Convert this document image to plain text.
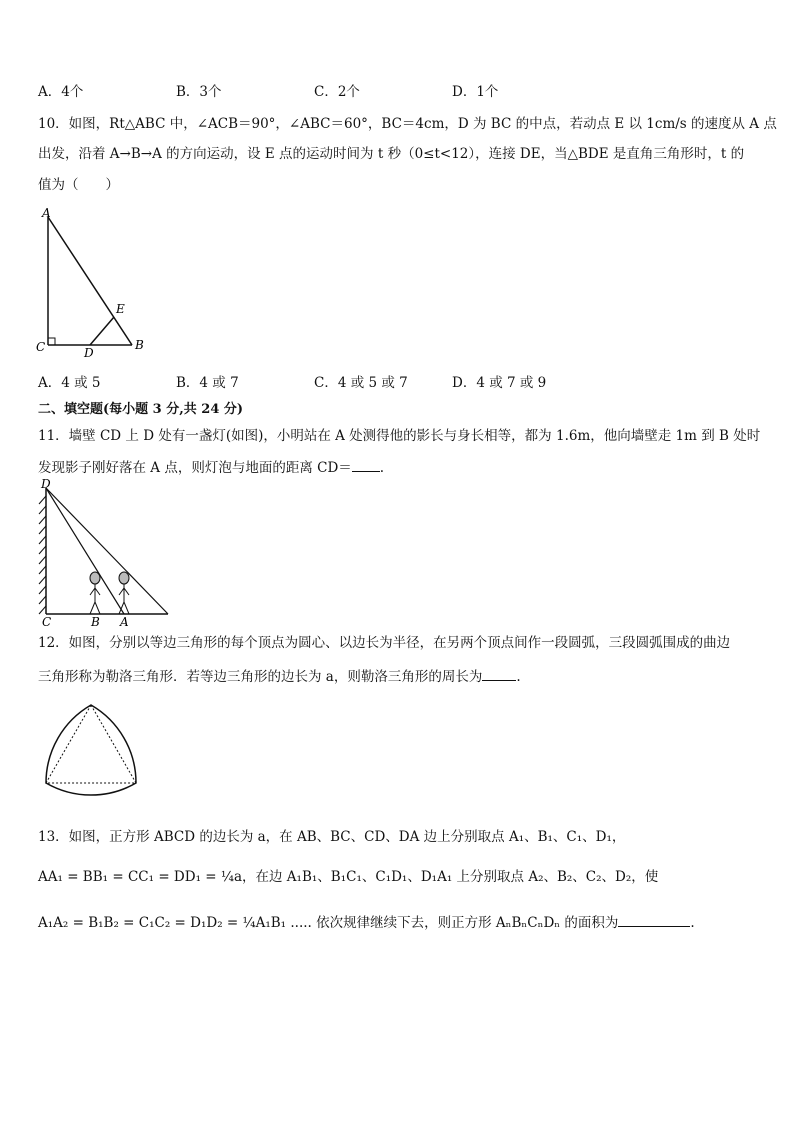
A．4个	B．3个	C．2个	D．1个
10．如图，Rt△ABC 中，∠ACB＝90°，∠ABC＝60°，BC＝4cm，D 为 BC 的中点，若动点 E 以 1cm/s 的速度从 A 点
出发，沿着 A→B→A 的方向运动，设 E 点的运动时间为 t 秒（0≤t<12），连接 DE，当△BDE 是直角三角形时，t 的
值为（　　）
A
C	D
B
E
A．4 或 5	B．4 或 7	C．4 或 5 或 7	D．4 或 7 或 9
二、填空题(每小题 3 分,共 24 分)
11．墙壁 CD 上 D 处有一盏灯(如图)，小明站在 A 处测得他的影长与身长相等，都为 1.6m，他向墙壁走 1m 到 B 处时
发现影子刚好落在 A 点，则灯泡与地面的距离 CD＝ .
D
C	B A
12．如图，分别以等边三角形的每个顶点为圆心、以边长为半径，在另两个顶点间作一段圆弧，三段圆弧围成的曲边
三角形称为勒洛三角形．若等边三角形的边长为 a，则勒洛三角形的周长为	.
13．如图，正方形 ABCD 的边长为 a，在 AB、BC、CD、DA 边上分别取点 A₁、B₁、C₁、D₁，
AA₁ = BB₁ = CC₁ = DD₁ = ¼a，在边 A₁B₁、B₁C₁、C₁D₁、D₁A₁ 上分别取点 A₂、B₂、C₂、D₂，使
A₁A₂ = B₁B₂ = C₁C₂ = D₁D₂ = ¼A₁B₁ ..... 依次规律继续下去，则正方形 AₙBₙCₙDₙ 的面积为	.
